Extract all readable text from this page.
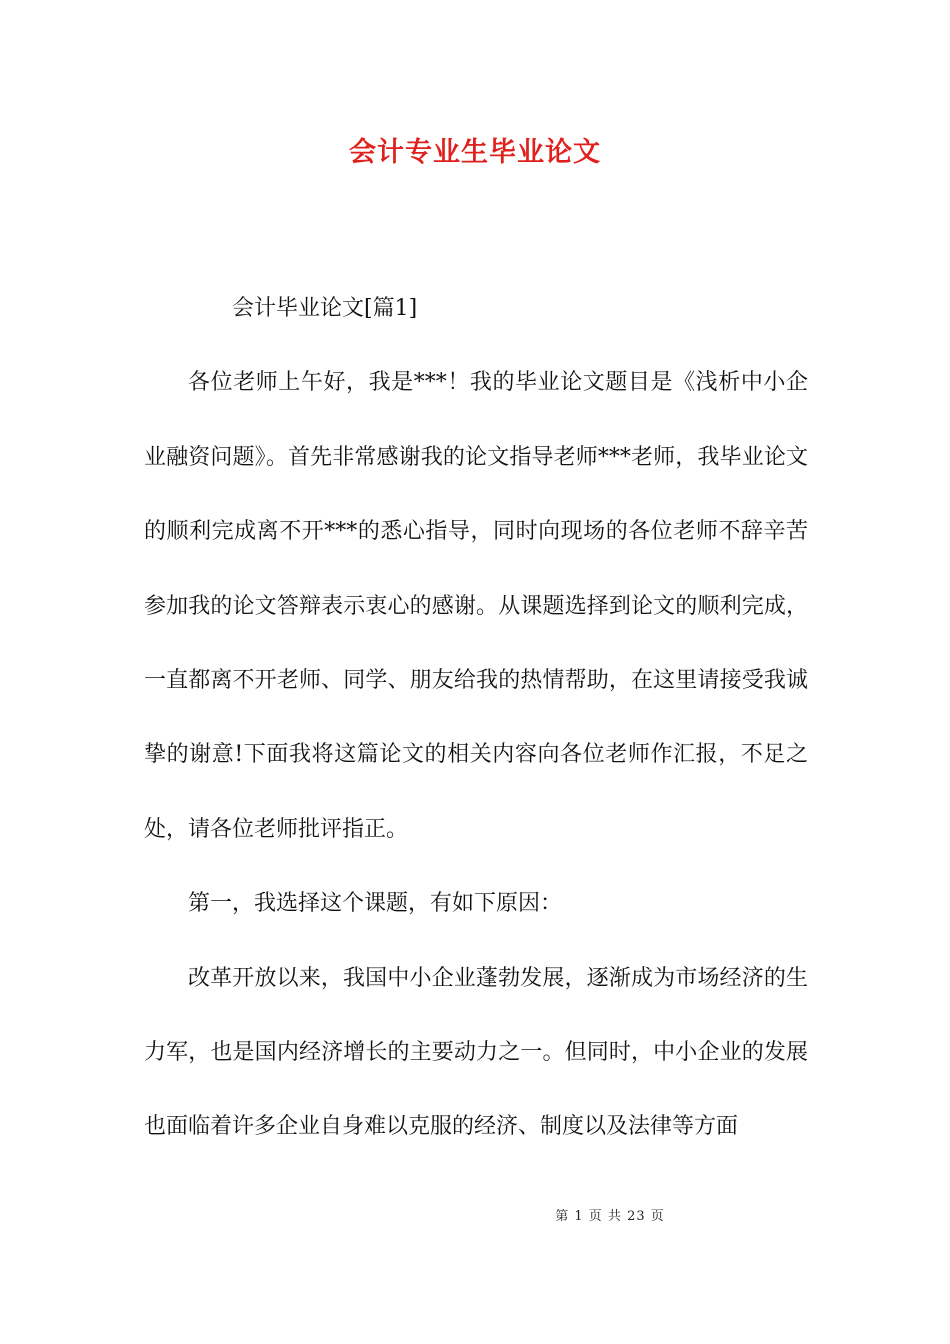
会计专业生毕业论文

会计毕业论文[篇1]

各位老师上午好，我是***！我的毕业论文题目是《浅析中小企业融资问题》。首先非常感谢我的论文指导老师***老师，我毕业论文的顺利完成离不开***的悉心指导，同时向现场的各位老师不辞辛苦参加我的论文答辩表示衷心的感谢。从课题选择到论文的顺利完成，一直都离不开老师、同学、朋友给我的热情帮助，在这里请接受我诚挚的谢意!下面我将这篇论文的相关内容向各位老师作汇报，不足之处，请各位老师批评指正。

第一，我选择这个课题，有如下原因：

改革开放以来，我国中小企业蓬勃发展，逐渐成为市场经济的生力军，也是国内经济增长的主要动力之一。但同时，中小企业的发展也面临着许多企业自身难以克服的经济、制度以及法律等方面

第 1 页 共 23 页
